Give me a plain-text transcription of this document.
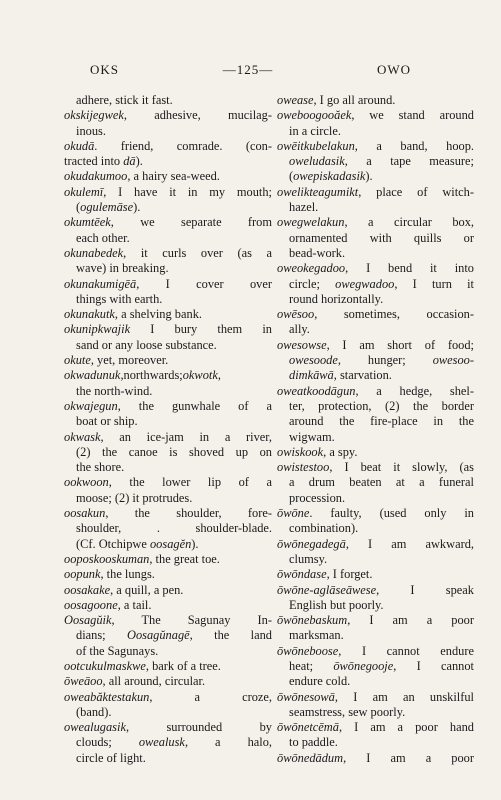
OKS	—125—	OWO
adhere, stick it fast.
okskijegwek, adhesive, mucilag-
inous.
okudā. friend, comrade. (con-
tracted into dā).
okudakumoo, a hairy sea-weed.
okulemī, I have it in my mouth;
(ogulemāse).
okumtēek, we separate from
each other.
okunabedek, it curls over (as a
wave) in breaking.
okunakumigēā, I cover over
things with earth.
okunakutk, a shelving bank.
okunipkwajik I bury them in
sand or any loose substance.
okute, yet, moreover.
okwadunuk,northwards;okwotk,
the north-wind.
okwajegun, the gunwhale of a
boat or ship.
okwask, an ice-jam in a river,
(2) the canoe is shoved up on
the shore.
ookwoon, the lower lip of a
moose; (2) it protrudes.
oosakun, the shoulder, fore-
shoulder, . shoulder-blade.
(Cf. Otchipwe oosagĕn).
ooposkooskuman, the great toe.
oopunk, the lungs.
oosakake, a quill, a pen.
oosagoone, a tail.
Oosagŭik, The Sagunay In-
dians; Oosagŭnagē, the land
of the Sagunays.
ootcukulmaskwe, bark of a tree.
ōweāoo, all around, circular.
oweabăktestakun, a croze,
(band).
owealugasik, surrounded by
clouds; owealusk, a halo,
circle of light.
owease, I go all around.
oweboogooăek, we stand around
in a circle.
owēitkubelakun, a band, hoop.
oweludasik, a tape measure;
(owepiskadasik).
owelikteagumikt, place of witch-
hazel.
owegwelakun, a circular box,
ornamented with quills or
bead-work.
oweokegadoo, I bend it into
circle; owegwadoo, I turn it
round horizontally.
owēsoo, sometimes, occasion-
ally.
owesowse, I am short of food;
owesoode, hunger; owesoo-
dimkāwā, starvation.
oweatkoodāgun, a hedge, shel-
ter, protection, (2) the border
around the fire-place in the
wigwam.
owiskook, a spy.
owistestoo, I beat it slowly, (as
a drum beaten at a funeral
procession.
ōwōne. faulty, (used only in
combination).
ōwōnegadegā, I am awkward,
clumsy.
ōwōndase, I forget.
ōwōne-aglāseāwese, I speak
English but poorly.
ōwōnebaskum, I am a poor
marksman.
ōwōneboose, I cannot endure
heat; ōwōnegooje, I cannot
endure cold.
ōwōnesowā, I am an unskilful
seamstress, sew poorly.
ōwōnetcēmā, I am a poor hand
to paddle.
ōwōnedādum, I am a poor
